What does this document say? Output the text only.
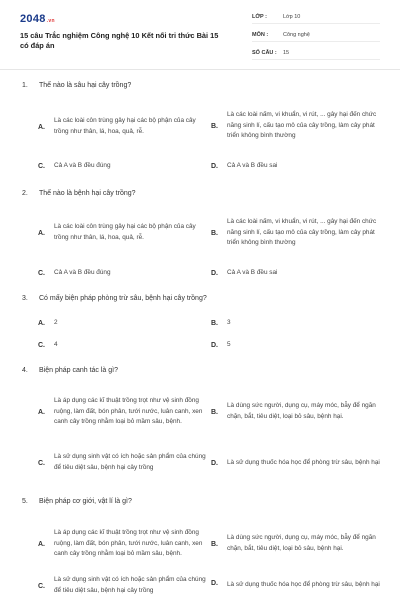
2048.vn
15 câu Trắc nghiệm Công nghệ 10 Kết nối tri thức Bài 15 có đáp án
LỚP :	Lớp 10
MÔN :	Công nghệ
SỐ CÂU :	15
1. Thế nào là sâu hại cây trồng?
A.
Là các loài côn trùng gây hại các bộ phận của cây trồng như thân, lá, hoa, quả, rễ.
B.
Là các loài nấm, vi khuẩn, vi rút, ... gây hại đến chức năng sinh lí, cấu tạo mô của cây trồng, làm cây phát triển không bình thường
C.	Cả A và B đều đúng	D.	Cả A và B đều sai
2. Thế nào là bệnh hại cây trồng?
A.
Là các loài côn trùng gây hại các bộ phận của cây trồng như thân, lá, hoa, quả, rễ.
B.
Là các loài nấm, vi khuẩn, vi rút, ... gây hại đến chức năng sinh lí, cấu tạo mô của cây trồng, làm cây phát triển không bình thường
C.	Cả A và B đều đúng	D.	Cả A và B đều sai
3. Có mấy biện pháp phòng trừ sâu, bệnh hại cây trồng?
A.	2	B.	3
C.	4	D.	5
4. Biện pháp canh tác là gì?
A.
Là áp dụng các kĩ thuật trồng trọt như vệ sinh đồng ruộng, làm đất, bón phân, tưới nước, luân canh, xen canh cây trồng nhằm loại bỏ mầm sâu, bệnh.
B.
Là dùng sức người, dụng cụ, máy móc, bẫy để ngăn chặn, bắt, tiêu diệt, loại bỏ sâu, bệnh hại.
C.
Là sử dụng sinh vật có ích hoặc sản phẩm của chúng để tiêu diệt sâu, bệnh hại cây trồng
D.	Là sử dụng thuốc hóa học để phòng trừ sâu, bệnh hại
5. Biện pháp cơ giới, vật lí là gì?
A.
Là áp dụng các kĩ thuật trồng trọt như vệ sinh đồng ruộng, làm đất, bón phân, tưới nước, luân canh, xen canh cây trồng nhằm loại bỏ mầm sâu, bệnh.
B.
Là dùng sức người, dụng cụ, máy móc, bẫy để ngăn chặn, bắt, tiêu diệt, loại bỏ sâu, bệnh hại.
C.
Là sử dụng sinh vật có ích hoặc sản phẩm của chúng để tiêu diệt sâu, bệnh hại cây trồng
D.	Là sử dụng thuốc hóa học để phòng trừ sâu, bệnh hại
